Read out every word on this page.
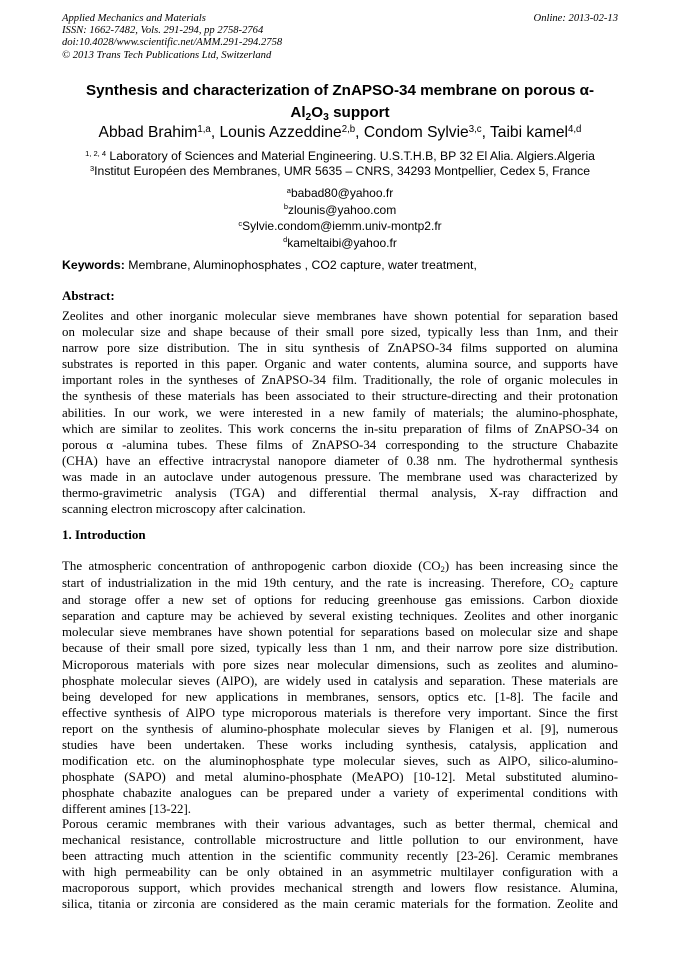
Applied Mechanics and Materials
ISSN: 1662-7482, Vols. 291-294, pp 2758-2764
doi:10.4028/www.scientific.net/AMM.291-294.2758
© 2013 Trans Tech Publications Ltd, Switzerland
Online: 2013-02-13
Synthesis and characterization of ZnAPSO-34 membrane on porous α-
$Al_2O_3$ support
Abbad Brahim$^{1,a}$, Lounis Azzeddine$^{2,b}$, Condom Sylvie$^{3,c}$, Taibi kamel$^{4,d}$
$^{1, 2, 4}$ Laboratory of Sciences and Material Engineering. U.S.T.H.B, BP 32 El Alia. Algiers.Algeria
$^3$Institut Européen des Membranes, UMR 5635 – CNRS, 34293 Montpellier, Cedex 5, France
$^a$babad80@yahoo.fr
$^b$zlounis@yahoo.com
$^c$Sylvie.condom@iemm.univ-montp2.fr
$^d$kameltaibi@yahoo.fr
Keywords: Membrane, Aluminophosphates , CO2 capture, water treatment,
Abstract:
Zeolites and other inorganic molecular sieve membranes have shown potential for separation based
on molecular size and shape because of their small pore sized, typically less than 1nm, and their
narrow pore size distribution. The in situ synthesis of ZnAPSO-34 films supported on alumina
substrates is reported in this paper. Organic and water contents, alumina source, and supports have
important roles in the syntheses of ZnAPSO-34 film. Traditionally, the role of organic molecules in
the synthesis of these materials has been associated to their structure-directing and their protonation
abilities. In our work, we were interested in a new family of materials; the alumino-phosphate,
which are similar to zeolites. This work concerns the in-situ preparation of films of ZnAPSO-34 on
porous α -alumina tubes. These films of ZnAPSO-34 corresponding to the structure Chabazite
(CHA) have an effective intracrystal nanopore diameter of 0.38 nm. The hydrothermal synthesis
was made in an autoclave under autogenous pressure. The membrane used was characterized by
thermo-gravimetric analysis (TGA) and differential thermal analysis, X-ray diffraction and
scanning electron microscopy after calcination.
1. Introduction
The atmospheric concentration of anthropogenic carbon dioxide $(CO_2)$ has been increasing since the
start of industrialization in the mid 19th century, and the rate is increasing. Therefore, $CO_2$ capture
and storage offer a new set of options for reducing greenhouse gas emissions. Carbon dioxide
separation and capture may be achieved by several existing techniques. Zeolites and other inorganic
molecular sieve membranes have shown potential for separations based on molecular size and shape
because of their small pore sized, typically less than 1 nm, and their narrow pore size distribution.
Microporous materials with pore sizes near molecular dimensions, such as zeolites and alumino-
phosphate molecular sieves (AlPO), are widely used in catalysis and separation. These materials are
being developed for new applications in membranes, sensors, optics etc. [1-8]. The facile and
effective synthesis of AlPO type microporous materials is therefore very important. Since the first
report on the synthesis of alumino-phosphate molecular sieves by Flanigen et al. [9], numerous
studies have been undertaken. These works including synthesis, catalysis, application and
modification etc. on the aluminophosphate type molecular sieves, such as AlPO, silico-alumino-
phosphate (SAPO) and metal alumino-phosphate (MeAPO) [10-12]. Metal substituted alumino-
phosphate chabazite analogues can be prepared under a variety of experimental conditions with
different amines [13-22].
Porous ceramic membranes with their various advantages, such as better thermal, chemical and
mechanical resistance, controllable microstructure and little pollution to our environment, have
been attracting much attention in the scientific community recently [23-26]. Ceramic membranes
with high permeability can be only obtained in an asymmetric multilayer configuration with a
macroporous support, which provides mechanical strength and lowers flow resistance. Alumina,
silica, titania or zirconia are considered as the main ceramic materials for the formation. Zeolite and
